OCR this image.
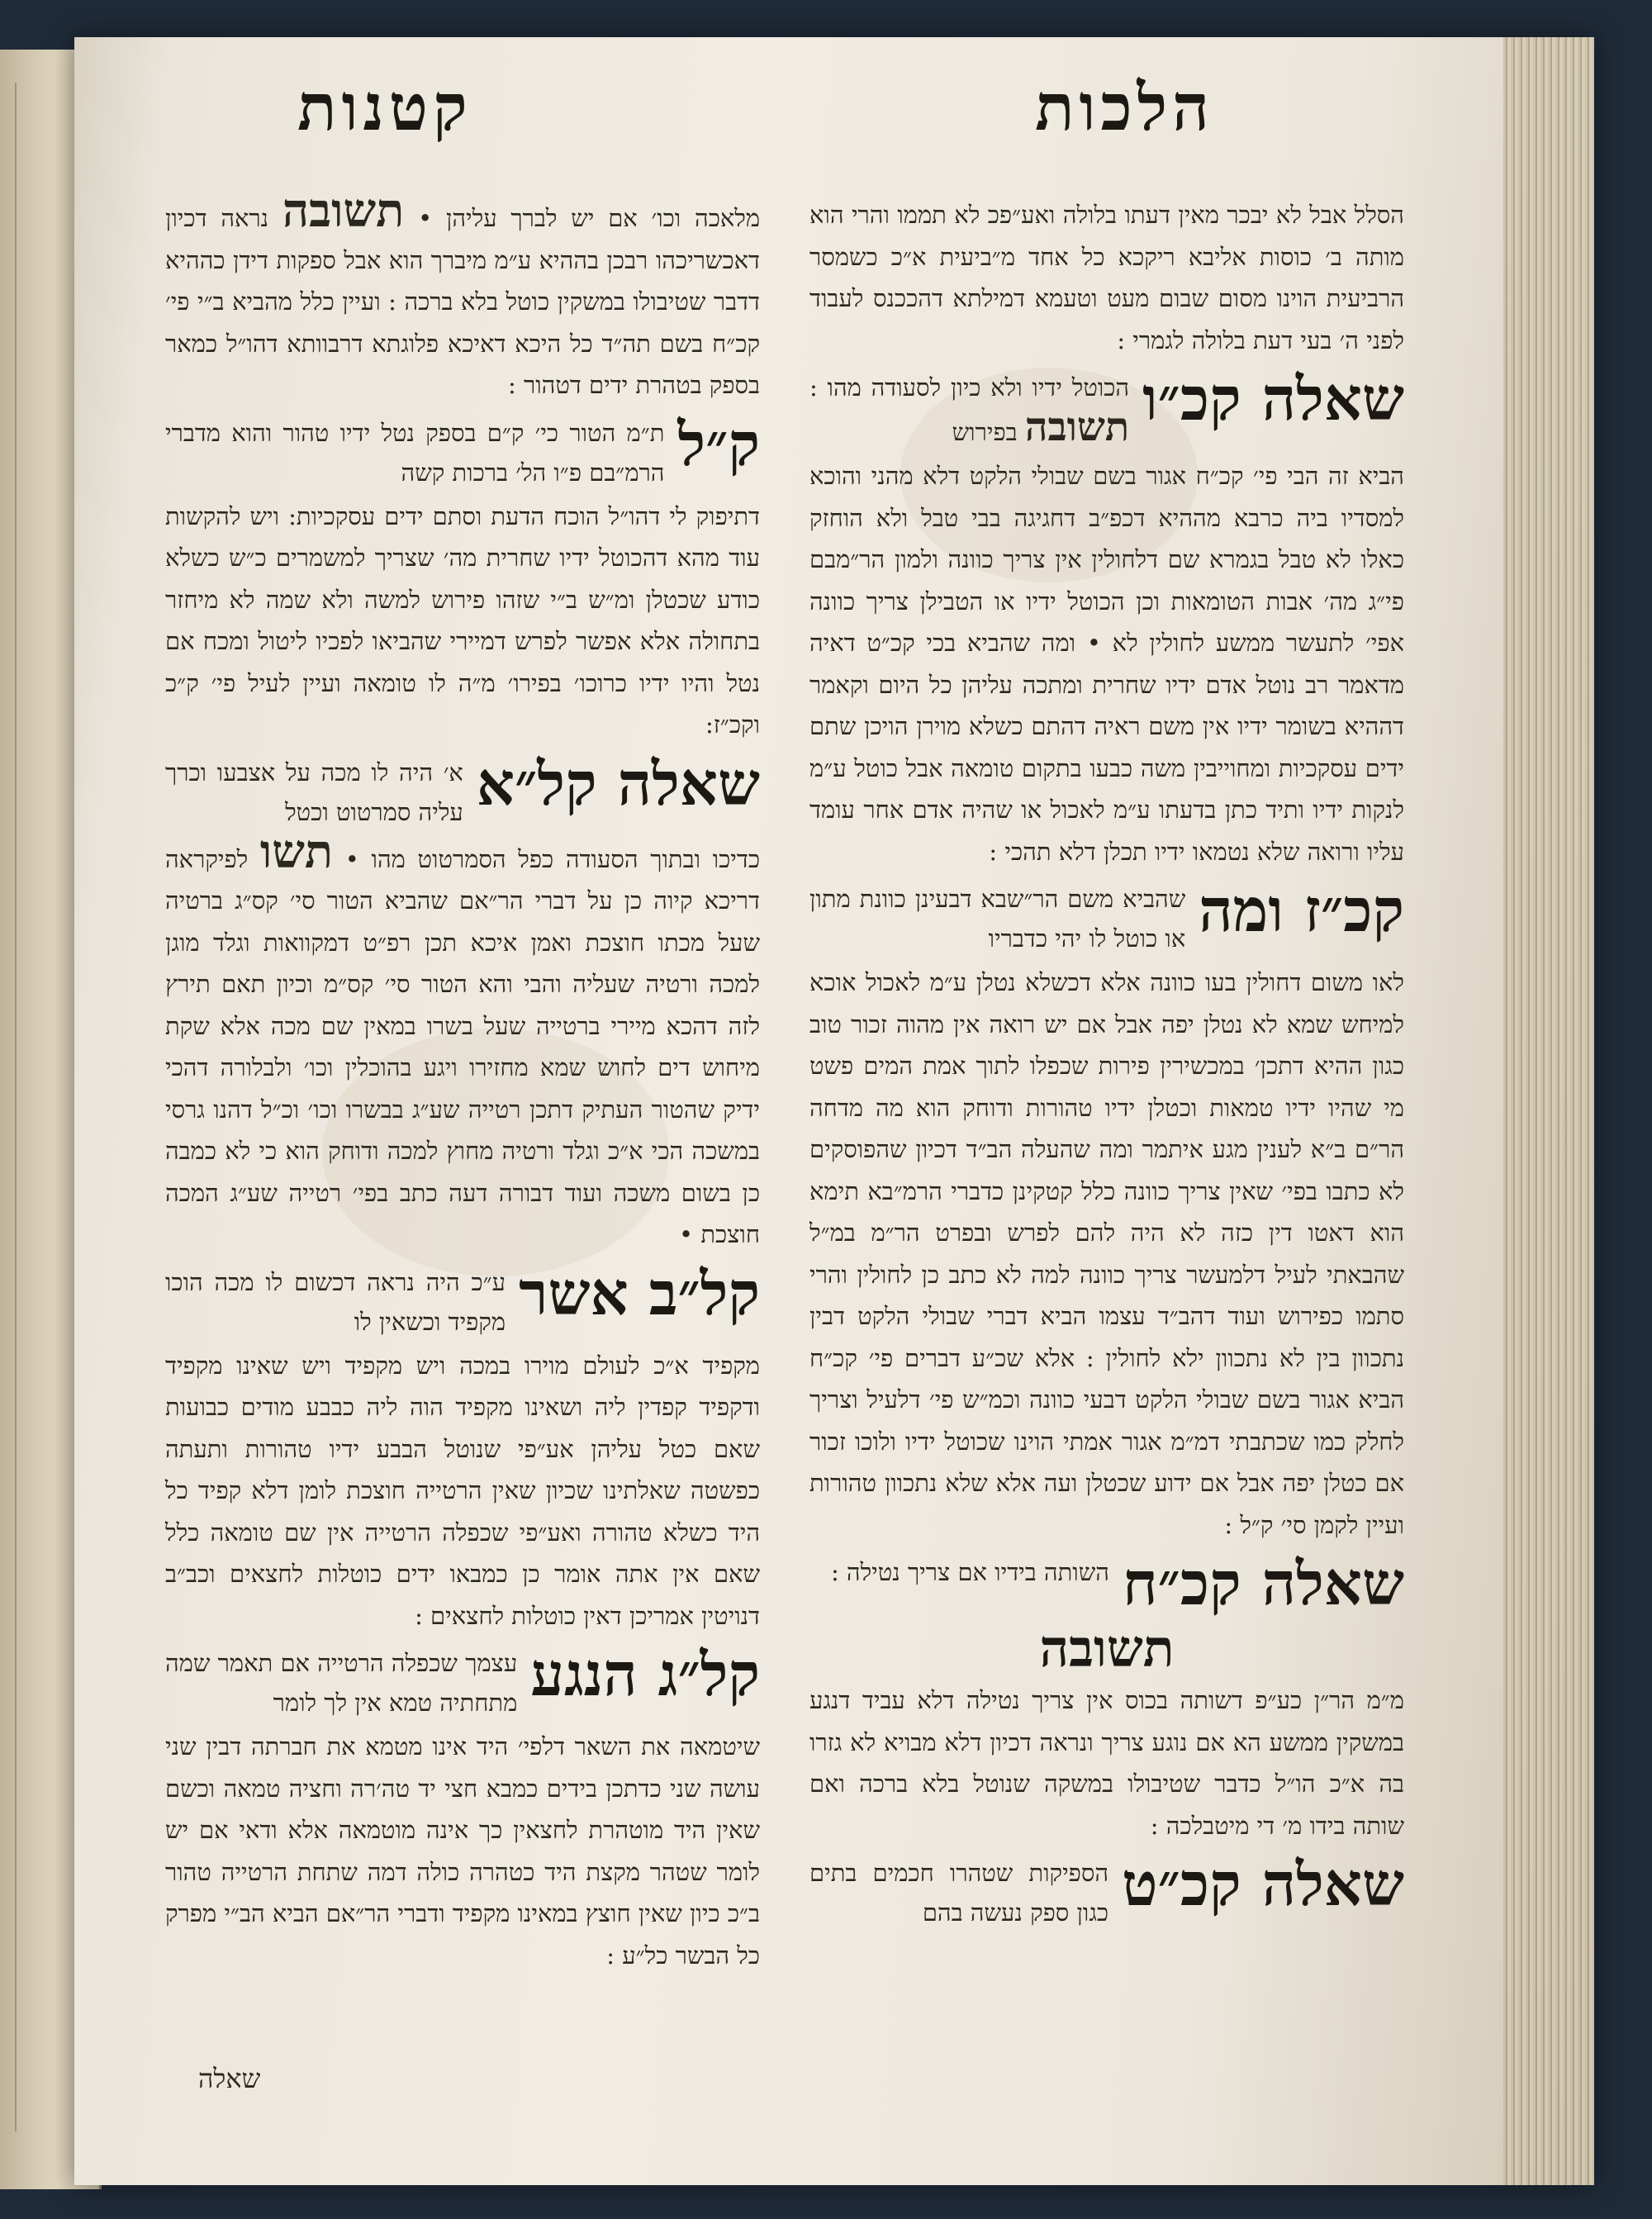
הלכות
קטנות

הסלל אבל לא יבכר מאין דעתו בלולה ואע״פכ לא תממו והרי הוא מותה ב׳ כוסות אליבא ריקכא כל אחד מ״ביעית א״כ כשמסר הרביעית הוינו מסום שבום מעט וטעמא דמילתא דהככנס לעבוד לפני ה׳ בעי דעת בלולה לגמרי :

שאלה קכ״ו
הכוטל ידיו ולא כיון לסעודה מהו : תשובה בפירוש

הביא זה הבי פי׳ קכ״ח אגור בשם שבולי הלקט דלא מהני והוכא למסדיו ביה כרבא מההיא דכפ״ב דחגיגה בבי טבל ולא הוחזק כאלו לא טבל בגמרא שם דלחולין אין צריך כוונה ולמון הר״מבם פי״ג מה׳ אבות הטומאות וכן הכוטל ידיו או הטבילן צריך כוונה אפי׳ לתעשר ממשע לחולין לא • ומה שהביא בכי קכ״ט דאיה מדאמר רב נוטל אדם ידיו שחרית ומתכה עליהן כל היום וקאמר דההיא בשומר ידיו אין משם ראיה דהתם כשלא מוירן הויכן שתם ידים עסקכיות ומחוייבין משה כבעו בתקום טומאה אבל כוטל ע״מ לנקות ידיו ותיד כתן בדעתו ע״מ לאכול או שהיה אדם אחר עומד עליו ורואה שלא נטמאו ידיו תכלן דלא תהכי :

קכ״ז ומה
שהביא משם הר״שבא דבעינן כוונת מתון או כוטל לו יהי כדבריו

לאו משום דחולין בעו כוונה אלא דכשלא נטלן ע״מ לאכול אוכא למיחש שמא לא נטלן יפה אבל אם יש רואה אין מהוה זכור טוב כגון ההיא דתכן׳ במכשירין פירות שכפלו לתוך אמת המים פשט מי שהיו ידיו טמאות וכטלן ידיו טהורות ודוחק הוא מה מדחה הר״ם ב״א לענין מגע איתמר ומה שהעלה הב״ד דכיון שהפוסקים לא כתבו בפי׳ שאין צריך כוונה כלל קטקינן כדברי הרמ״בא תימא הוא דאטו דין כזה לא היה להם לפרש ובפרט הר״מ במ״ל שהבאתי לעיל דלמעשר צריך כוונה למה לא כתב כן לחולין והרי סתמו כפירוש ועוד דהב״ד עצמו הביא דברי שבולי הלקט דבין נתכוון בין לא נתכוון ילא לחולין : אלא שכ״ע דברים פי׳ קכ״ח הביא אגור בשם שבולי הלקט דבעי כוונה וכמ״ש פי׳ דלעיל וצריך לחלק כמו שכתבתי דמ״מ אגור אמתי הוינו שכוטל ידיו ולוכו זכור אם כטלן יפה אבל אם ידוע שכטלן ועה אלא שלא נתכוון טהורות ועיין לקמן סי׳ ק״ל :

שאלה קכ״ח
השותה בידיו אם צריך נטילה :
תשובה

מ״מ הר״ן כע״פ דשותה בכוס אין צריך נטילה דלא עביד דנגע במשקין ממשע הא אם נוגע צריך ונראה דכיון דלא מבויא לא גזרו בה א״כ הו״ל כדבר שטיבולו במשקה שנוטל בלא ברכה ואם שותה בידו מ׳ די מיטבלכה :

שאלה קכ״ט
הספיקות שטהרו חכמים בתים כגון ספק נעשה בהם

מלאכה וכו׳ אם יש לברך עליהן • תשובה נראה דכיון דאכשריכהו רבכן בההיא ע״מ מיברך הוא אבל ספקות דידן כההיא דדבר שטיבולו במשקין כוטל בלא ברכה : ועיין כלל מהביא ב״י פי׳ קכ״ח בשם תה״ד כל היכא דאיכא פלוגתא דרבוותא דהו״ל כמאר בספק בטהרת ידים דטהור :

ק״ל
ת״מ הטור כי׳ ק״ם בספק נטל ידיו טהור והוא מדברי הרמ״בם פ״ו הל׳ ברכות קשה

דתיפוק לי דהו״ל הוכח הדעת וסתם ידים עסקכיות: ויש להקשות עוד מהא דהכוטל ידיו שחרית מה׳ שצריך למשמרים כ״ש כשלא כודע שכטלן ומ״ש ב״י שזהו פירוש למשה ולא שמה לא מיחזר בתחולה אלא אפשר לפרש דמיירי שהביאו לפכיו ליטול ומכח אם נטל והיו ידיו כרוכו׳ בפירו׳ מ״ה לו טומאה ועיין לעיל פי׳ ק״כ וקכ״ז:

שאלה קל״א
א׳ היה לו מכה על אצבעו וכרך עליה סמרטוט וכטל

כדיכו ובתוך הסעודה כפל הסמרטוט מהו • תשו לפיקראה דריכא קיוה כן על דברי הר״אם שהביא הטור סי׳ קס״ג ברטיה שעל מכתו חוצכת ואמן איכא תכן רפ״ט דמקוואות וגלד מוגן למכה ורטיה שעליה והבי והא הטור סי׳ קס״מ וכיון תאם תירץ לזה דהכא מיירי ברטייה שעל בשרו במאין שם מכה אלא שקת מיחוש דים לחוש שמא מחזירו ויגע בהוכלין וכו׳ ולבלורה דהכי ידיק שהטור העתיק דתכן רטייה שע״ג בבשרו וכו׳ וכ״ל דהנו גרסי במשכה הכי א״כ וגלד ורטיה מחוץ למכה ודוחק הוא כי לא כמבה כן בשום משכה ועוד דבורה דעה כתב בפי׳ רטייה שע״ג המכה חוצכת •

קל״ב אשר
ע״כ היה נראה דכשום לו מכה הוכו מקפיד וכשאין לו

מקפיד א״כ לעולם מוירו במכה ויש מקפיד ויש שאינו מקפיד ודקפיד קפדין ליה ושאינו מקפיד הוה ליה כבבע מודים כבועות שאם כטל עליהן אע״פי שנוטל הבבע ידיו טהורות ותעתה כפשטה שאלתינו שכיון שאין הרטייה חוצכת לומן דלא קפיד כל היד כשלא טהורה ואע״פי שכפלה הרטייה אין שם טומאה כלל שאם אין אתה אומר כן כמבאו ידים כוטלות לחצאים וכב״ב דנויטין אמריכן דאין כוטלות לחצאים :

קל״ג הנגע
עצמך שכפלה הרטייה אם תאמר שמה מתחתיה טמא אין לך לומר

שיטמאה את השאר דלפי׳ היד אינו מטמא את חברתה דבין שני עושה שני כדתכן בידים כמבא חצי יד טה׳רה וחציה טמאה וכשם שאין היד מוטהרת לחצאין כך אינה מוטמאה אלא ודאי אם יש לומר שטהר מקצת היד כטהרה כולה דמה שתחת הרטייה טהור ב״כ כיון שאין חוצץ במאינו מקפיד ודברי הר״אם הביא הב״י מפרק כל הבשר כל״ע :

שאלה
